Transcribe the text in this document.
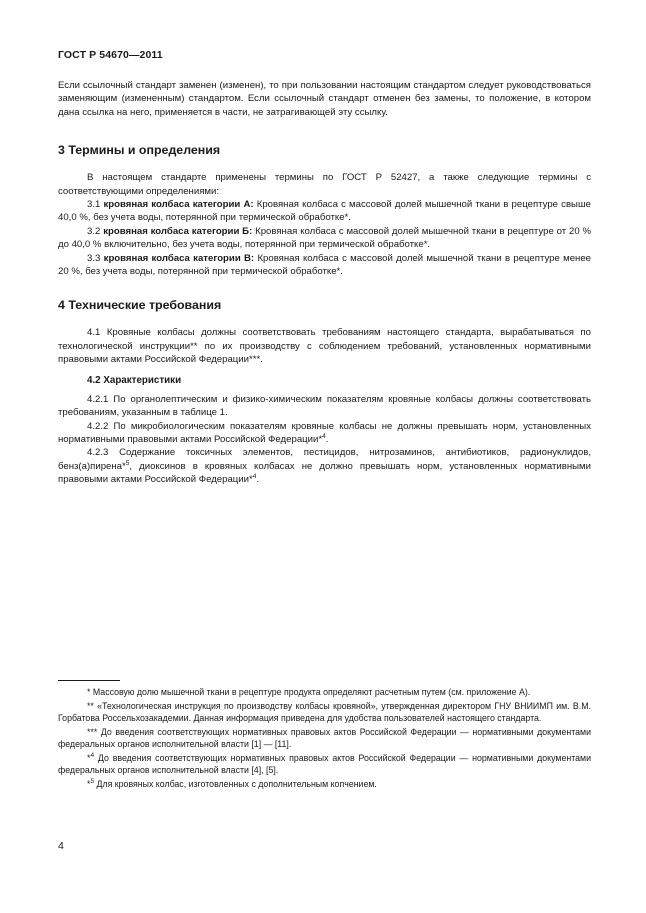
ГОСТ Р 54670—2011

Если ссылочный стандарт заменен (изменен), то при пользовании настоящим стандартом следует руководствоваться заменяющим (измененным) стандартом. Если ссылочный стандарт отменен без замены, то положение, в котором дана ссылка на него, применяется в части, не затрагивающей эту ссылку.

3 Термины и определения

В настоящем стандарте применены термины по ГОСТ Р 52427, а также следующие термины с соответствующими определениями:

3.1 кровяная колбаса категории А: Кровяная колбаса с массовой долей мышечной ткани в рецептуре свыше 40,0 %, без учета воды, потерянной при термической обработке*.

3.2 кровяная колбаса категории Б: Кровяная колбаса с массовой долей мышечной ткани в рецептуре от 20 % до 40,0 % включительно, без учета воды, потерянной при термической обработке*.

3.3 кровяная колбаса категории В: Кровяная колбаса с массовой долей мышечной ткани в рецептуре менее 20 %, без учета воды, потерянной при термической обработке*.

4 Технические требования

4.1 Кровяные колбасы должны соответствовать требованиям настоящего стандарта, вырабатываться по технологической инструкции** по их производству с соблюдением требований, установленных нормативными правовыми актами Российской Федерации***.

4.2 Характеристики

4.2.1 По органолептическим и физико-химическим показателям кровяные колбасы должны соответствовать требованиям, указанным в таблице 1.

4.2.2 По микробиологическим показателям кровяные колбасы не должны превышать норм, установленных нормативными правовыми актами Российской Федерации*$^4$.

4.2.3 Содержание токсичных элементов, пестицидов, нитрозаминов, антибиотиков, радионуклидов, бенз(а)пирена*$^5$, диоксинов в кровяных колбасах не должно превышать норм, установленных нормативными правовыми актами Российской Федерации*$^4$.

* Массовую долю мышечной ткани в рецептуре продукта определяют расчетным путем (см. приложение А).

** «Технологическая инструкция по производству колбасы кровяной», утвержденная директором ГНУ ВНИИМП им. В.М. Горбатова Россельхозакадемии. Данная информация приведена для удобства пользователей настоящего стандарта.

*** До введения соответствующих нормативных правовых актов Российской Федерации — нормативными документами федеральных органов исполнительной власти [1] — [11].

*$^4$ До введения соответствующих нормативных правовых актов Российской Федерации — нормативными документами федеральных органов исполнительной власти [4], [5].

*$^5$ Для кровяных колбас, изготовленных с дополнительным копчением.

4
